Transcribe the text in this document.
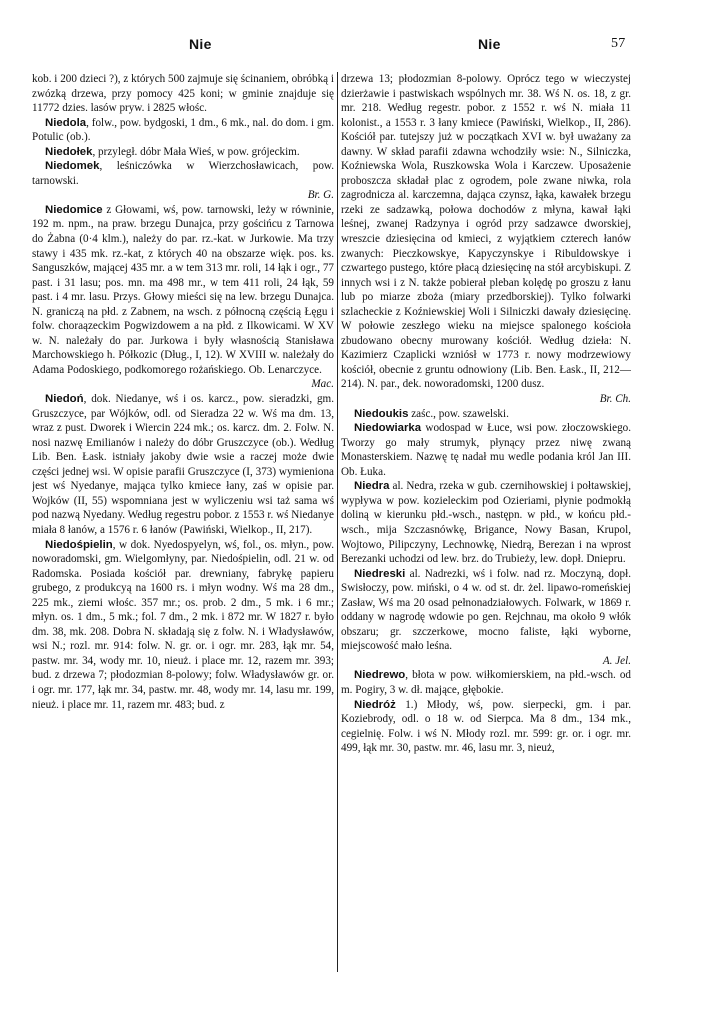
Nie	Nie	57

kob. i 200 dzieci ?), z których 500 zajmuje się ścinaniem, obróbką i zwózką drzewa, przy pomocy 425 koni; w gminie znajduje się 11772 dzies. lasów pryw. i 2825 włośc.

Niedola, folw., pow. bydgoski, 1 dm., 6 mk., nal. do dom. i gm. Potulic (ob.).

Niedołek, przyległ. dóbr Mała Wieś, w pow. grójeckim.

Niedomek, leśniczówka w Wierzchosławicach, pow. tarnowski.
Br. G.

Niedomice z Głowami, wś, pow. tarnowski, leży w równinie, 192 m. npm., na praw. brzegu Dunajca, przy gościńcu z Tarnowa do Żabna (0·4 klm.), należy do par. rz.-kat. w Jurkowie. Ma trzy stawy i 435 mk. rz.-kat, z których 40 na obszarze więk. pos. ks. Sanguszków, mającej 435 mr. a w tem 313 mr. roli, 14 łąk i ogr., 77 past. i 31 lasu; pos. mn. ma 498 mr., w tem 411 roli, 24 łąk, 59 past. i 4 mr. lasu. Przys. Głowy mieści się na lew. brzegu Dunajca. N. graniczą na płd. z Zabnem, na wsch. z północną częścią Łęgu i folw. choraązeckim Pogwizdowem a na płd. z Ilkowicami. W XV w. N. należały do par. Jurkowa i były własnością Stanisława Marchowskiego h. Półkozic (Dług., I, 12). W XVIII w. należały do Adama Podoskiego, podkomorego rożańskiego. Ob. Lenarczyce.
Mac.

Niedoń, dok. Niedanye, wś i os. karcz., pow. sieradzki, gm. Gruszczyce, par Wójków, odl. od Sieradza 22 w. Wś ma dm. 13, wraz z pust. Dworek i Wiercin 224 mk.; os. karcz. dm. 2. Folw. N. nosi nazwę Emilianów i należy do dóbr Gruszczyce (ob.). Według Lib. Ben. Łask. istniały jakoby dwie wsie a raczej może dwie części jednej wsi. W opisie parafii Gruszczyce (I, 373) wymieniona jest wś Nyedanye, mająca tylko kmiece łany, zaś w opisie par. Wojków (II, 55) wspomniana jest w wyliczeniu wsi taż sama wś pod nazwą Nyedany. Według regestru pobor. z 1553 r. wś Niedanye miała 8 łanów, a 1576 r. 6 łanów (Pawiński, Wielkop., II, 217).

Niedośpielin, w dok. Nyedospyelyn, wś, fol., os. młyn., pow. noworadomski, gm. Wielgomłyny, par. Niedośpielin, odl. 21 w. od Radomska. Posiada kościół par. drewniany, fabrykę papieru grubego, z produkcyą na 1600 rs. i młyn wodny. Wś ma 28 dm., 225 mk., ziemi włośc. 357 mr.; os. prob. 2 dm., 5 mk. i 6 mr.; młyn. os. 1 dm., 5 mk.; fol. 7 dm., 2 mk. i 872 mr. W 1827 r. było dm. 38, mk. 208. Dobra N. składają się z folw. N. i Władysławów, wsi N.; rozl. mr. 914: folw. N. gr. or. i ogr. mr. 283, łąk mr. 54, pastw. mr. 34, wody mr. 10, nieuż. i place mr. 12, razem mr. 393; bud. z drzewa 7; płodozmian 8-polowy; folw. Władysławów gr. or. i ogr. mr. 177, łąk mr. 34, pastw. mr. 48, wody mr. 14, lasu mr. 199, nieuż. i place mr. 11, razem mr. 483; bud. z

drzewa 13; płodozmian 8-polowy. Oprócz tego w wieczystej dzierżawie i pastwiskach wspólnych mr. 38. Wś N. os. 18, z gr. mr. 218. Według regestr. pobor. z 1552 r. wś N. miała 11 kolonist., a 1553 r. 3 łany kmiece (Pawiński, Wielkop., II, 286). Kościół par. tutejszy już w początkach XVI w. był uważany za dawny. W skład parafii zdawna wchodziły wsie: N., Silniczka, Koźniewska Wola, Ruszkowska Wola i Karczew. Uposażenie proboszcza składał plac z ogrodem, pole zwane niwka, rola zagrodnicza al. karczemna, dająca czynsz, łąka, kawałek brzegu rzeki ze sadzawką, połowa dochodów z młyna, kawał łąki leśnej, zwanej Radzynya i ogród przy sadzawce dworskiej, wreszcie dziesięcina od kmieci, z wyjątkiem czterech łanów zwanych: Pieczkowskye, Kapyczynskye i Ribuldowskye i czwartego pustego, które płacą dziesięcinę na stół arcybiskupi. Z innych wsi i z N. także pobierał pleban kolędę po groszu z łanu lub po miarze zboża (miary przedborskiej). Tylko folwarki szlacheckie z Koźniewskiej Woli i Silniczki dawały dziesięcinę. W połowie zeszłego wieku na miejsce spalonego kościoła zbudowano obecny murowany kościół. Według dzieła: N. Kazimierz Czaplicki wzniósł w 1773 r. nowy modrzewiowy kościół, obecnie z gruntu odnowiony (Lib. Ben. Łask., II, 212—214). N. par., dek. noworadomski, 1200 dusz.
Br. Ch.

Niedoukis zaśc., pow. szawelski.

Niedowiarka wodospad w Łuce, wsi pow. złoczowskiego. Tworzy go mały strumyk, płynący przez niwę zwaną Monasterskiem. Nazwę tę nadał mu wedle podania król Jan III. Ob. Łuka.

Niedra al. Nedra, rzeka w gub. czernihowskiej i połtawskiej, wypływa w pow. kozieleckim pod Ozieriami, płynie podmokłą doliną w kierunku płd.-wsch., następn. w płd., w końcu płd.-wsch., mija Szczasnówkę, Brigance, Nowy Basan, Krupol, Wojtowo, Pilipczyny, Lechnowkę, Niedrą, Berezan i na wprost Berezanki uchodzi od lew. brz. do Trubieży, lew. dopł. Dniepru.

Niedreski al. Nadrezki, wś i folw. nad rz. Moczyną, dopł. Swisłoczy, pow. miński, o 4 w. od st. dr. żel. lipawo-romeńskiej Zasław, Wś ma 20 osad pełnonadziałowych. Folwark, w 1869 r. oddany w nagrodę wdowie po gen. Rejchnau, ma około 9 włók obszaru; gr. szczerkowe, mocno faliste, łąki wyborne, miejscowość mało leśna.
A. Jel.

Niedrewo, błota w pow. wiłkomierskiem, na płd.-wsch. od m. Pogiry, 3 w. dł. mające, głębokie.

Niedróż 1.) Młody, wś, pow. sierpecki, gm. i par. Koziebrody, odl. o 18 w. od Sierpca. Ma 8 dm., 134 mk., cegielnię. Folw. i wś N. Młody rozl. mr. 599: gr. or. i ogr. mr. 499, łąk mr. 30, pastw. mr. 46, lasu mr. 3, nieuż,
